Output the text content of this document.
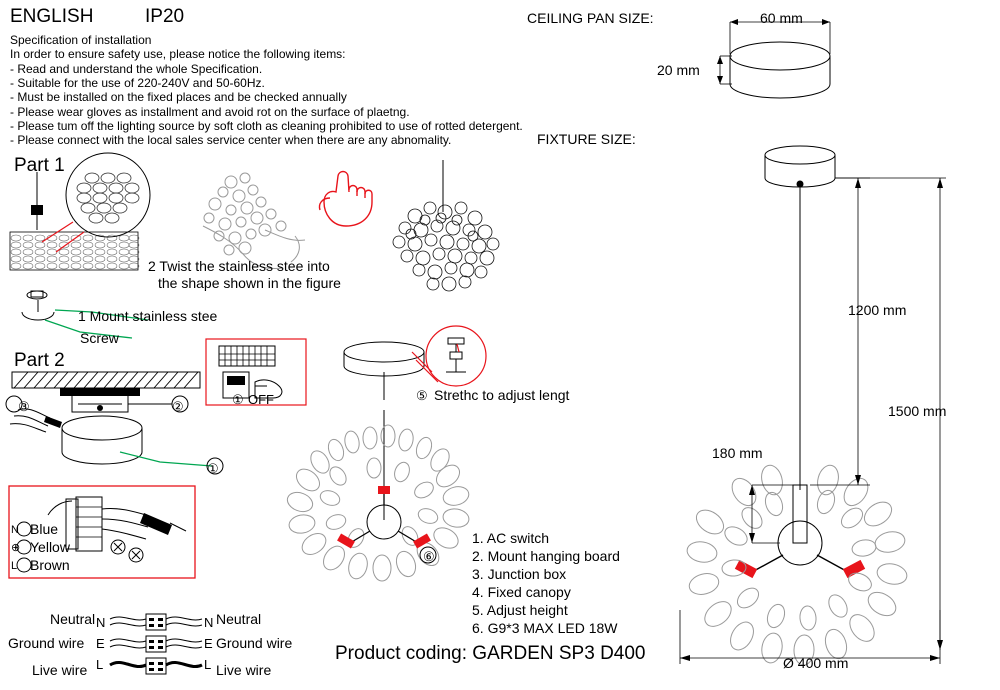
ENGLISH	IP20
Specification of installation
In order to ensure safety use, please notice the following items:
- Read and understand the whole Specification.
- Suitable for the use of 220-240V and 50-60Hz.
- Must be installed on the fixed places and be checked annually
- Please wear gloves as installment and avoid rot on the surface of plaetng.
- Please tum off the lighting source by soft cloth as cleaning prohibited to use of rotted detergent.
- Please connect with the local sales service center when there are any abnomality.
Part 1
1 Mount stainless stee
Screw
2 Twist the stainless stee into
the shape shown in the figure
Part 2
③	②
①
① OFF
Blue
Yellow
Brown
N
⊕
L
Neutral
Ground wire
Live wire
N
E
L
Neutral
Ground wire
Live wire
N
E
L
⑤ Strethc to adjust lengt
⑥
1. AC switch
2. Mount hanging board
3. Junction box
4. Fixed canopy
5. Adjust height
6. G9*3 MAX LED 18W
Product coding: GARDEN SP3 D400
CEILING PAN SIZE:	60 mm
20 mm
FIXTURE SIZE:
1200 mm
1500 mm
180 mm
Ø 400 mm
